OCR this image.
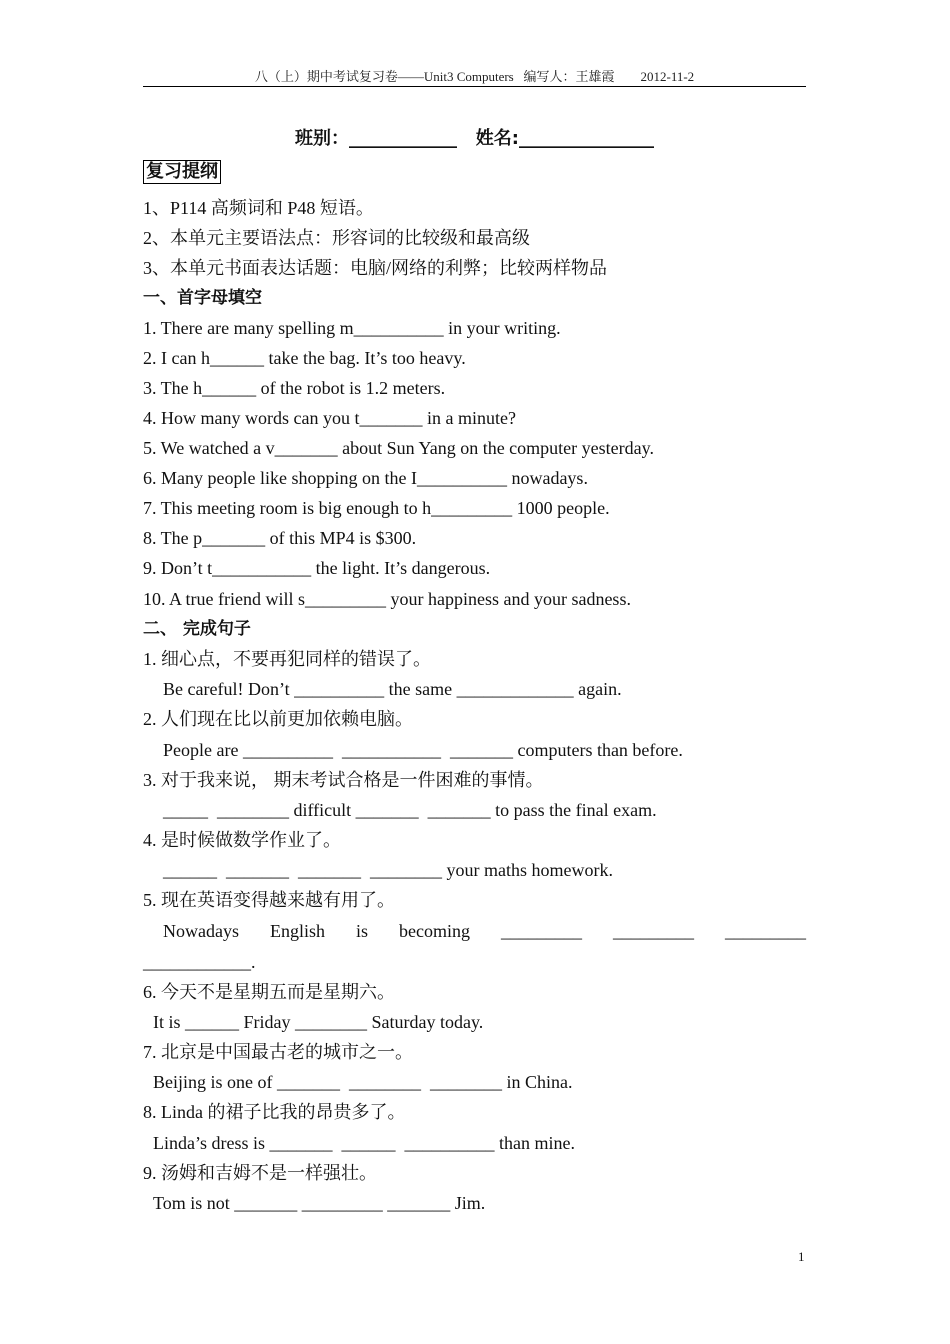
八（上）期中考试复习卷——Unit3 Computers   编写人：王雄霞        2012-11-2
班别：____________   姓名:_______________
复习提纲
1、P114 高频词和 P48 短语。
2、本单元主要语法点：形容词的比较级和最高级
3、本单元书面表达话题：电脑/网络的利弊；比较两样物品
一、首字母填空
1. There are many spelling m__________ in your writing.
2. I can h______ take the bag. It’s too heavy.
3. The h______ of the robot is 1.2 meters.
4. How many words can you t_______ in a minute?
5. We watched a v_______ about Sun Yang on the computer yesterday.
6. Many people like shopping on the I__________ nowadays.
7. This meeting room is big enough to h_________ 1000 people.
8. The p_______ of this MP4 is $300.
9. Don’t t___________ the light. It’s dangerous.
10. A true friend will s_________ your happiness and your sadness.
二、 完成句子
1. 细心点，不要再犯同样的错误了。
Be careful! Don’t __________ the same _____________ again.
2. 人们现在比以前更加依赖电脑。
People are __________  ___________  _______ computers than before.
3. 对于我来说， 期末考试合格是一件困难的事情。
_____  ________ difficult _______  _______ to pass the final exam.
4. 是时候做数学作业了。
______  _______  _______  ________ your maths homework.
5. 现在英语变得越来越有用了。
Nowadays English is becoming _________ _________ _________
____________.
6. 今天不是星期五而是星期六。
It is ______ Friday ________ Saturday today.
7. 北京是中国最古老的城市之一。
Beijing is one of _______  ________  ________ in China.
8. Linda 的裙子比我的昂贵多了。
Linda’s dress is _______  ______  __________ than mine.
9. 汤姆和吉姆不是一样强壮。
Tom is not _______ _________ _______ Jim.
1
